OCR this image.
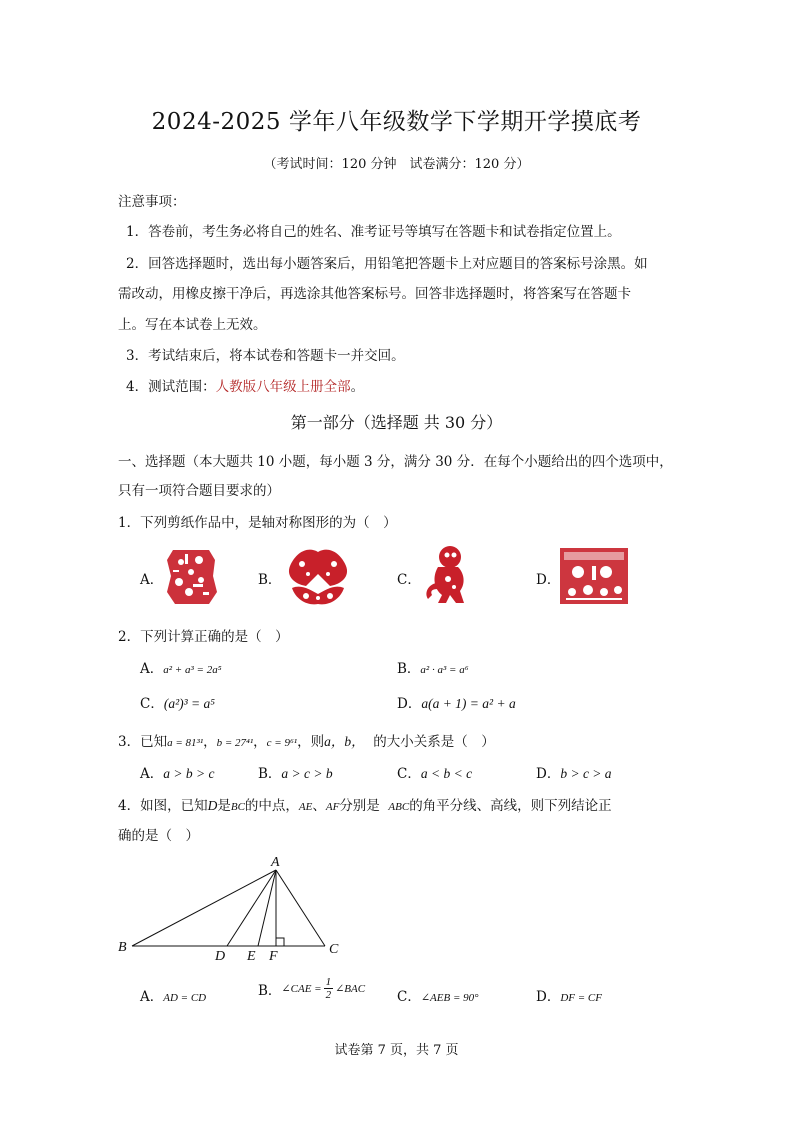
2024-2025 学年八年级数学下学期开学摸底考
（考试时间：120 分钟　试卷满分：120 分）
注意事项：
1．答卷前，考生务必将自己的姓名、准考证号等填写在答题卡和试卷指定位置上。
2．回答选择题时，选出每小题答案后，用铅笔把答题卡上对应题目的答案标号涂黑。如
需改动，用橡皮擦干净后，再选涂其他答案标号。回答非选择题时，将答案写在答题卡
上。写在本试卷上无效。
3．考试结束后，将本试卷和答题卡一并交回。
4．测试范围：人教版八年级上册全部。
第一部分（选择题 共 30 分）
一、选择题（本大题共 10 小题，每小题 3 分，满分 30 分．在每个小题给出的四个选项中，
只有一项符合题目要求的）
1．下列剪纸作品中，是轴对称图形的为（　）
A．	B．	C．	D．
2．下列计算正确的是（　）
A．a² + a³ = 2a⁵	B．a² · a³ = a⁶
C．(a²)³ = a⁵	D．a(a + 1) = a² + a
3．已知a = 81³¹，b = 27⁴¹，c = 9⁶¹，则a，b， 的大小关系是（　）
A．a > b > c	B．a > c > b	C．a < b < c	D．b > c > a
4．如图，已知D是BC的中点，AE、AF分别是 ABC的角平分线、高线，则下列结论正
确的是（　）
A
B	C
D E F
A．AD = CD	B． ∠CAE = $\frac{1}{2}$ ∠BAC C．∠AEB = 90°	D．DF = CF
试卷第 7 页，共 7 页
